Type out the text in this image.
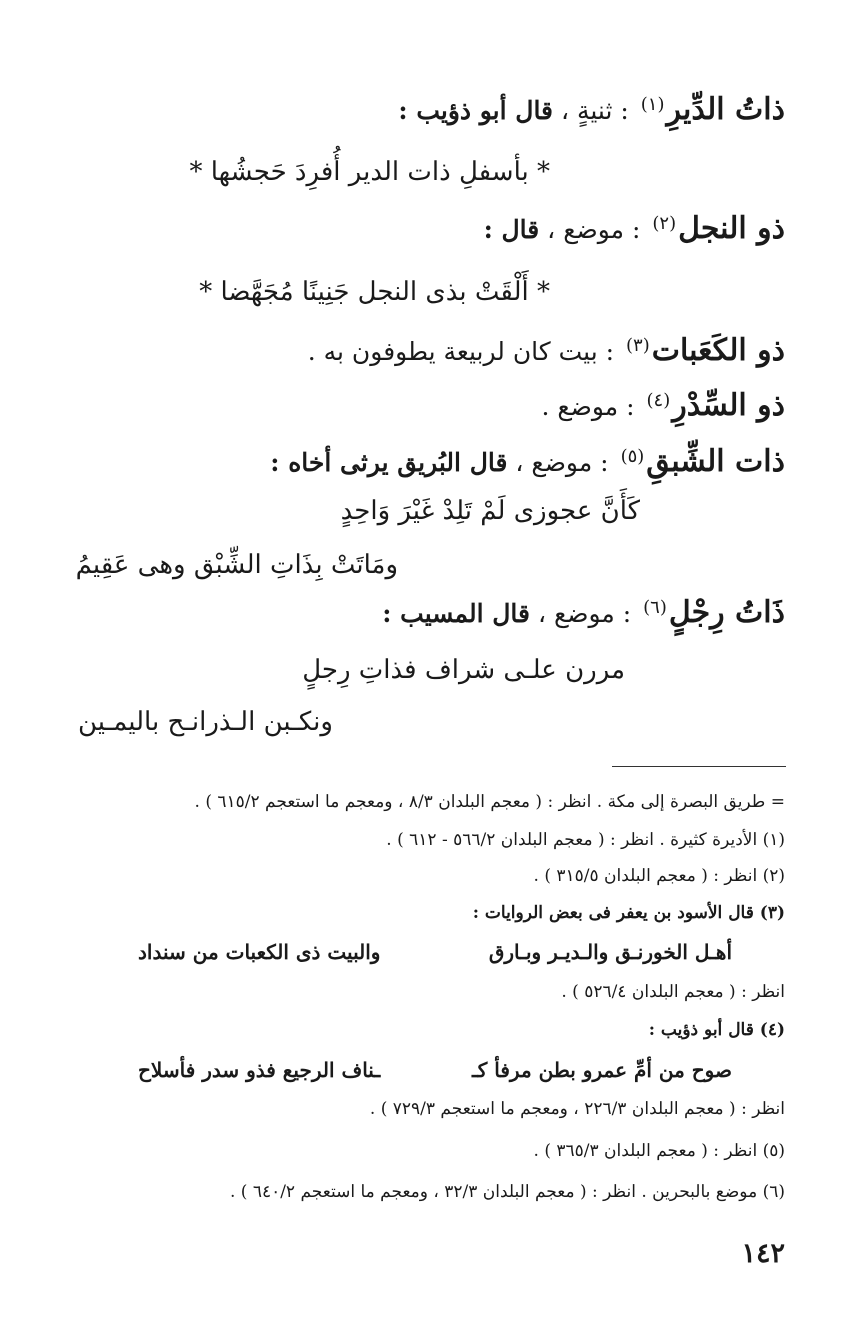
ذاتُ الدِّيرِ$^{(١)}$ : ثنيةٍ ، قال أبو ذؤيب :
* بأسفلِ ذات الدير أُفرِدَ حَجشُها *
ذو النجل$^{(٢)}$ : موضع ، قال :
* أَلْقَتْ بذى النجل جَنِينًا مُجَهَّضا *
ذو الكَعَبات$^{(٣)}$ : بيت كان لربيعة يطوفون به .
ذو السِّدْرِ$^{(٤)}$ : موضع .
ذات الشِّبقِ$^{(٥)}$ : موضع ، قال البُريق يرثى أخاه :
كَأَنَّ عجوزى لَمْ تَلِدْ غَيْرَ وَاحِدٍ
ومَاتَتْ بِذَاتِ الشِّبْق وهى عَقِيمُ
ذَاتُ رِجْلٍ$^{(٦)}$ : موضع ، قال المسيب :
مررن علـى شراف فذاتِ رِجلٍ
ونكـبن الـذرانـح باليمـين
= طريق البصرة إلى مكة . انظر : ( معجم البلدان ٨/٣ ، ومعجم ما استعجم ٦١٥/٢ ) .
(١) الأديرة كثيرة . انظر : ( معجم البلدان ٥٦٦/٢ - ٦١٢ ) .
(٢) انظر : ( معجم البلدان ٣١٥/٥ ) .
(٣) قال الأسود بن يعفر فى بعض الروايات :
أهـل الخورنـق والـديـر وبـارق
والبيت ذى الكعبات من سنداد
انظر : ( معجم البلدان ٥٢٦/٤ ) .
(٤) قال أبو ذؤيب :
صوح من أمِّ عمرو بطن مرفأ كـ
ـناف الرجيع فذو سدر فأسلاح
انظر : ( معجم البلدان ٢٢٦/٣ ، ومعجم ما استعجم ٧٢٩/٣ ) .
(٥) انظر : ( معجم البلدان ٣٦٥/٣ ) .
(٦) موضع بالبحرين . انظر : ( معجم البلدان ٣٢/٣ ، ومعجم ما استعجم ٦٤٠/٢ ) .
١٤٢
